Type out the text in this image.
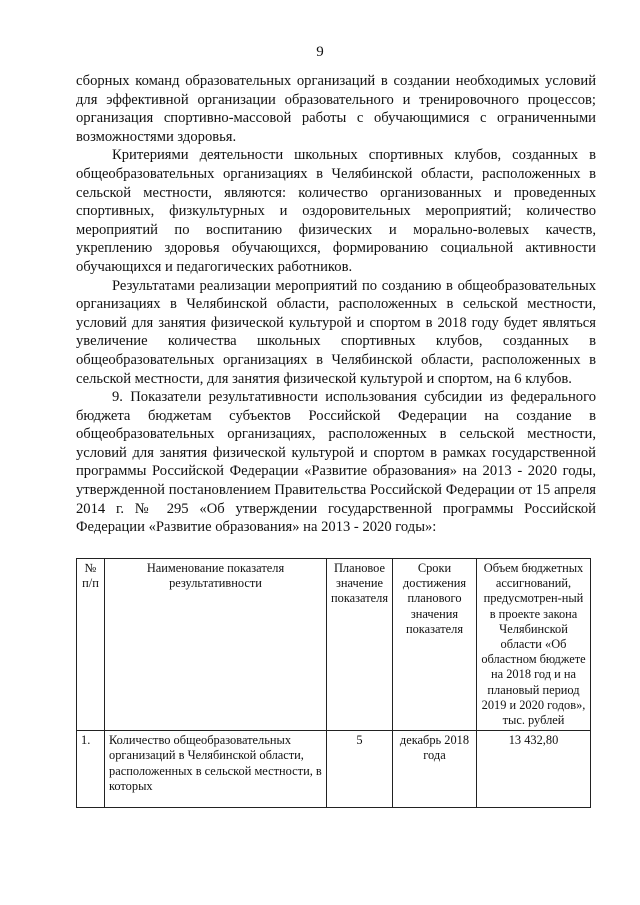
9

сборных команд образовательных организаций в создании необходимых условий для эффективной организации образовательного и тренировочного процессов; организация спортивно-массовой работы с обучающимися с ограниченными возможностями здоровья.

Критериями деятельности школьных спортивных клубов, созданных в общеобразовательных организациях в Челябинской области, расположенных в сельской местности, являются: количество организованных и проведенных спортивных, физкультурных и оздоровительных мероприятий; количество мероприятий по воспитанию физических и морально-волевых качеств, укреплению здоровья обучающихся, формированию социальной активности обучающихся и педагогических работников.

Результатами реализации мероприятий по созданию в общеобразовательных организациях в Челябинской области, расположенных в сельской местности, условий для занятия физической культурой и спортом в 2018 году будет являться увеличение количества школьных спортивных клубов, созданных в общеобразовательных организациях в Челябинской области, расположенных в сельской местности, для занятия физической культурой и спортом, на 6 клубов.

9. Показатели результативности использования субсидии из федерального бюджета бюджетам субъектов Российской Федерации на создание в общеобразовательных организациях, расположенных в сельской местности, условий для занятия физической культурой и спортом в рамках государственной программы Российской Федерации «Развитие образования» на 2013 - 2020 годы, утвержденной постановлением Правительства Российской Федерации от 15 апреля 2014 г. № 295 «Об утверждении государственной программы Российской Федерации «Развитие образования» на 2013 - 2020 годы»:

№ п/п	Наименование показателя результативности	Плановое значение показателя	Сроки достижения планового значения показателя	Объем бюджетных ассигнований, предусмотрен-ный в проекте закона Челябинской области «Об областном бюджете на 2018 год и на плановый период 2019 и 2020 годов», тыс. рублей
1.	Количество общеобразовательных организаций в Челябинской области, расположенных в сельской местности, в которых	5	декабрь 2018 года	13 432,80
